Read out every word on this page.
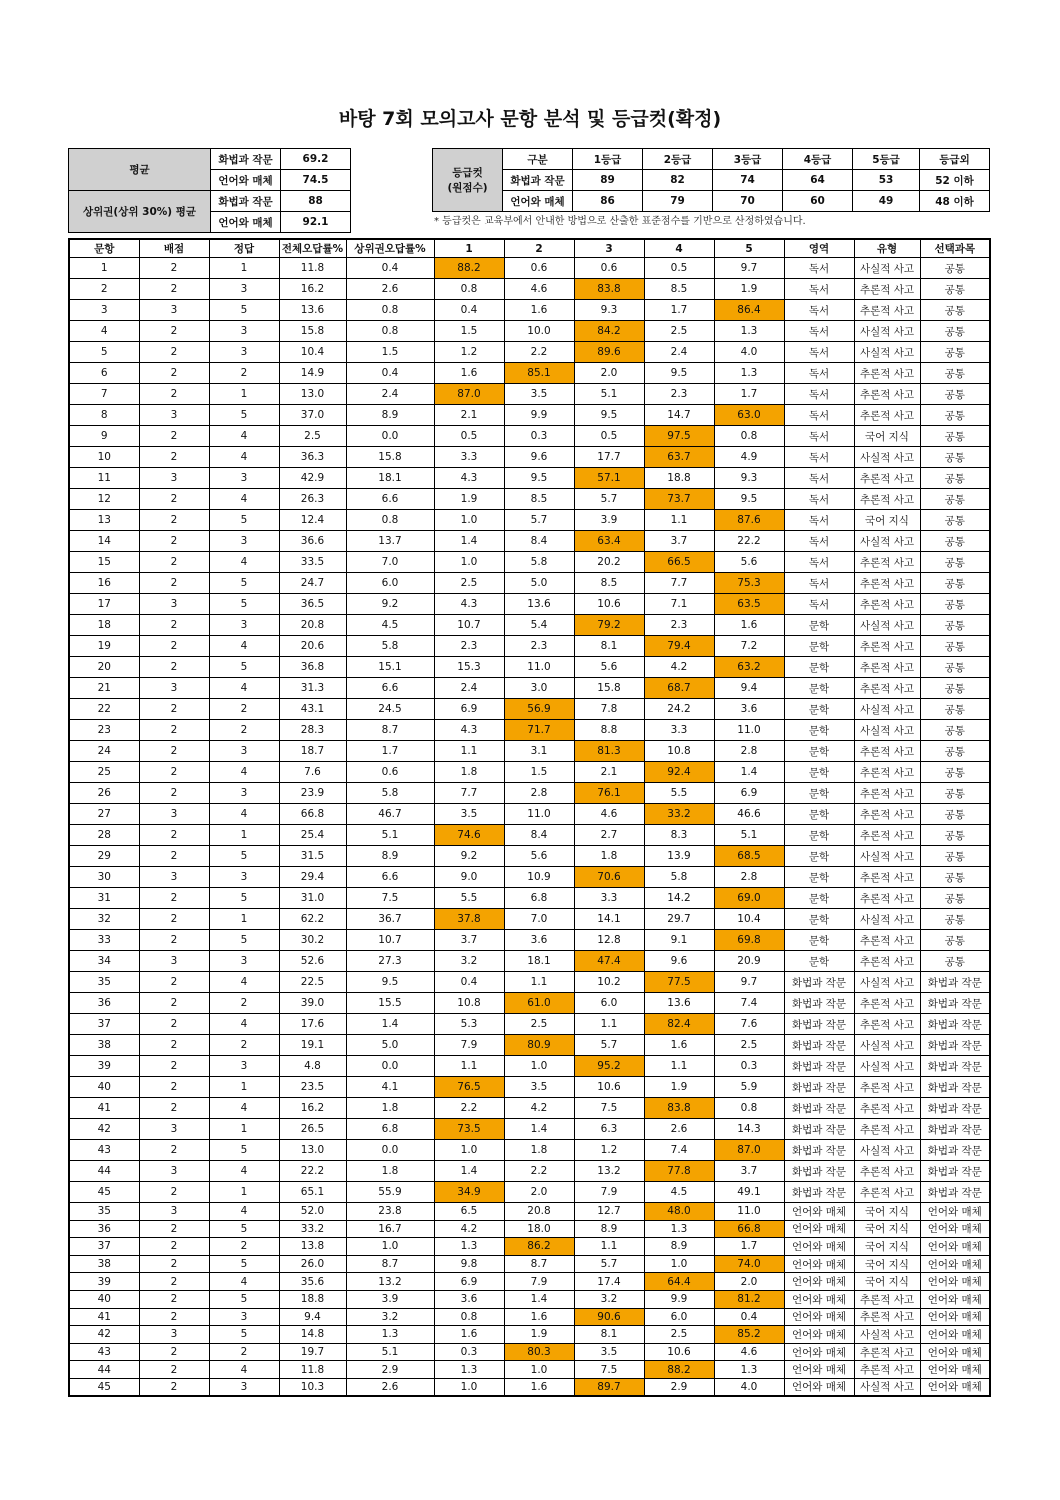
바탕 7회 모의고사 문항 분석 및 등급컷(확정)
평균	화법과 작문	69.2
	언어와 매체	74.5
상위권(상위 30%) 평균	화법과 작문	88
	언어와 매체	92.1
등급컷
(원점수)	구분	1등급	2등급	3등급	4등급	5등급	등급외
	화법과 작문	89	82	74	64	53	52 이하
	언어와 매체	86	79	70	60	49	48 이하
* 등급컷은 교육부에서 안내한 방법으로 산출한 표준점수를 기반으로 산정하였습니다.
문항	배점	정답	전체오답률%	상위권오답률%	1	2	3	4	5	영역	유형	선택과목
1	2	1	11.8	0.4	88.2	0.6	0.6	0.5	9.7	독서	사실적 사고	공통
2	2	3	16.2	2.6	0.8	4.6	83.8	8.5	1.9	독서	추론적 사고	공통
3	3	5	13.6	0.8	0.4	1.6	9.3	1.7	86.4	독서	추론적 사고	공통
4	2	3	15.8	0.8	1.5	10.0	84.2	2.5	1.3	독서	사실적 사고	공통
5	2	3	10.4	1.5	1.2	2.2	89.6	2.4	4.0	독서	사실적 사고	공통
6	2	2	14.9	0.4	1.6	85.1	2.0	9.5	1.3	독서	추론적 사고	공통
7	2	1	13.0	2.4	87.0	3.5	5.1	2.3	1.7	독서	추론적 사고	공통
8	3	5	37.0	8.9	2.1	9.9	9.5	14.7	63.0	독서	추론적 사고	공통
9	2	4	2.5	0.0	0.5	0.3	0.5	97.5	0.8	독서	국어 지식	공통
10	2	4	36.3	15.8	3.3	9.6	17.7	63.7	4.9	독서	사실적 사고	공통
11	3	3	42.9	18.1	4.3	9.5	57.1	18.8	9.3	독서	추론적 사고	공통
12	2	4	26.3	6.6	1.9	8.5	5.7	73.7	9.5	독서	추론적 사고	공통
13	2	5	12.4	0.8	1.0	5.7	3.9	1.1	87.6	독서	국어 지식	공통
14	2	3	36.6	13.7	1.4	8.4	63.4	3.7	22.2	독서	사실적 사고	공통
15	2	4	33.5	7.0	1.0	5.8	20.2	66.5	5.6	독서	추론적 사고	공통
16	2	5	24.7	6.0	2.5	5.0	8.5	7.7	75.3	독서	추론적 사고	공통
17	3	5	36.5	9.2	4.3	13.6	10.6	7.1	63.5	독서	추론적 사고	공통
18	2	3	20.8	4.5	10.7	5.4	79.2	2.3	1.6	문학	사실적 사고	공통
19	2	4	20.6	5.8	2.3	2.3	8.1	79.4	7.2	문학	추론적 사고	공통
20	2	5	36.8	15.1	15.3	11.0	5.6	4.2	63.2	문학	추론적 사고	공통
21	3	4	31.3	6.6	2.4	3.0	15.8	68.7	9.4	문학	추론적 사고	공통
22	2	2	43.1	24.5	6.9	56.9	7.8	24.2	3.6	문학	사실적 사고	공통
23	2	2	28.3	8.7	4.3	71.7	8.8	3.3	11.0	문학	사실적 사고	공통
24	2	3	18.7	1.7	1.1	3.1	81.3	10.8	2.8	문학	추론적 사고	공통
25	2	4	7.6	0.6	1.8	1.5	2.1	92.4	1.4	문학	추론적 사고	공통
26	2	3	23.9	5.8	7.7	2.8	76.1	5.5	6.9	문학	추론적 사고	공통
27	3	4	66.8	46.7	3.5	11.0	4.6	33.2	46.6	문학	추론적 사고	공통
28	2	1	25.4	5.1	74.6	8.4	2.7	8.3	5.1	문학	추론적 사고	공통
29	2	5	31.5	8.9	9.2	5.6	1.8	13.9	68.5	문학	사실적 사고	공통
30	3	3	29.4	6.6	9.0	10.9	70.6	5.8	2.8	문학	추론적 사고	공통
31	2	5	31.0	7.5	5.5	6.8	3.3	14.2	69.0	문학	추론적 사고	공통
32	2	1	62.2	36.7	37.8	7.0	14.1	29.7	10.4	문학	사실적 사고	공통
33	2	5	30.2	10.7	3.7	3.6	12.8	9.1	69.8	문학	추론적 사고	공통
34	3	3	52.6	27.3	3.2	18.1	47.4	9.6	20.9	문학	추론적 사고	공통
35	2	4	22.5	9.5	0.4	1.1	10.2	77.5	9.7	화법과 작문	사실적 사고	화법과 작문
36	2	2	39.0	15.5	10.8	61.0	6.0	13.6	7.4	화법과 작문	추론적 사고	화법과 작문
37	2	4	17.6	1.4	5.3	2.5	1.1	82.4	7.6	화법과 작문	추론적 사고	화법과 작문
38	2	2	19.1	5.0	7.9	80.9	5.7	1.6	2.5	화법과 작문	사실적 사고	화법과 작문
39	2	3	4.8	0.0	1.1	1.0	95.2	1.1	0.3	화법과 작문	사실적 사고	화법과 작문
40	2	1	23.5	4.1	76.5	3.5	10.6	1.9	5.9	화법과 작문	추론적 사고	화법과 작문
41	2	4	16.2	1.8	2.2	4.2	7.5	83.8	0.8	화법과 작문	추론적 사고	화법과 작문
42	3	1	26.5	6.8	73.5	1.4	6.3	2.6	14.3	화법과 작문	추론적 사고	화법과 작문
43	2	5	13.0	0.0	1.0	1.8	1.2	7.4	87.0	화법과 작문	사실적 사고	화법과 작문
44	3	4	22.2	1.8	1.4	2.2	13.2	77.8	3.7	화법과 작문	추론적 사고	화법과 작문
45	2	1	65.1	55.9	34.9	2.0	7.9	4.5	49.1	화법과 작문	추론적 사고	화법과 작문
35	3	4	52.0	23.8	6.5	20.8	12.7	48.0	11.0	언어와 매체	국어 지식	언어와 매체
36	2	5	33.2	16.7	4.2	18.0	8.9	1.3	66.8	언어와 매체	국어 지식	언어와 매체
37	2	2	13.8	1.0	1.3	86.2	1.1	8.9	1.7	언어와 매체	국어 지식	언어와 매체
38	2	5	26.0	8.7	9.8	8.7	5.7	1.0	74.0	언어와 매체	국어 지식	언어와 매체
39	2	4	35.6	13.2	6.9	7.9	17.4	64.4	2.0	언어와 매체	국어 지식	언어와 매체
40	2	5	18.8	3.9	3.6	1.4	3.2	9.9	81.2	언어와 매체	추론적 사고	언어와 매체
41	2	3	9.4	3.2	0.8	1.6	90.6	6.0	0.4	언어와 매체	추론적 사고	언어와 매체
42	3	5	14.8	1.3	1.6	1.9	8.1	2.5	85.2	언어와 매체	사실적 사고	언어와 매체
43	2	2	19.7	5.1	0.3	80.3	3.5	10.6	4.6	언어와 매체	추론적 사고	언어와 매체
44	2	4	11.8	2.9	1.3	1.0	7.5	88.2	1.3	언어와 매체	추론적 사고	언어와 매체
45	2	3	10.3	2.6	1.0	1.6	89.7	2.9	4.0	언어와 매체	사실적 사고	언어와 매체
